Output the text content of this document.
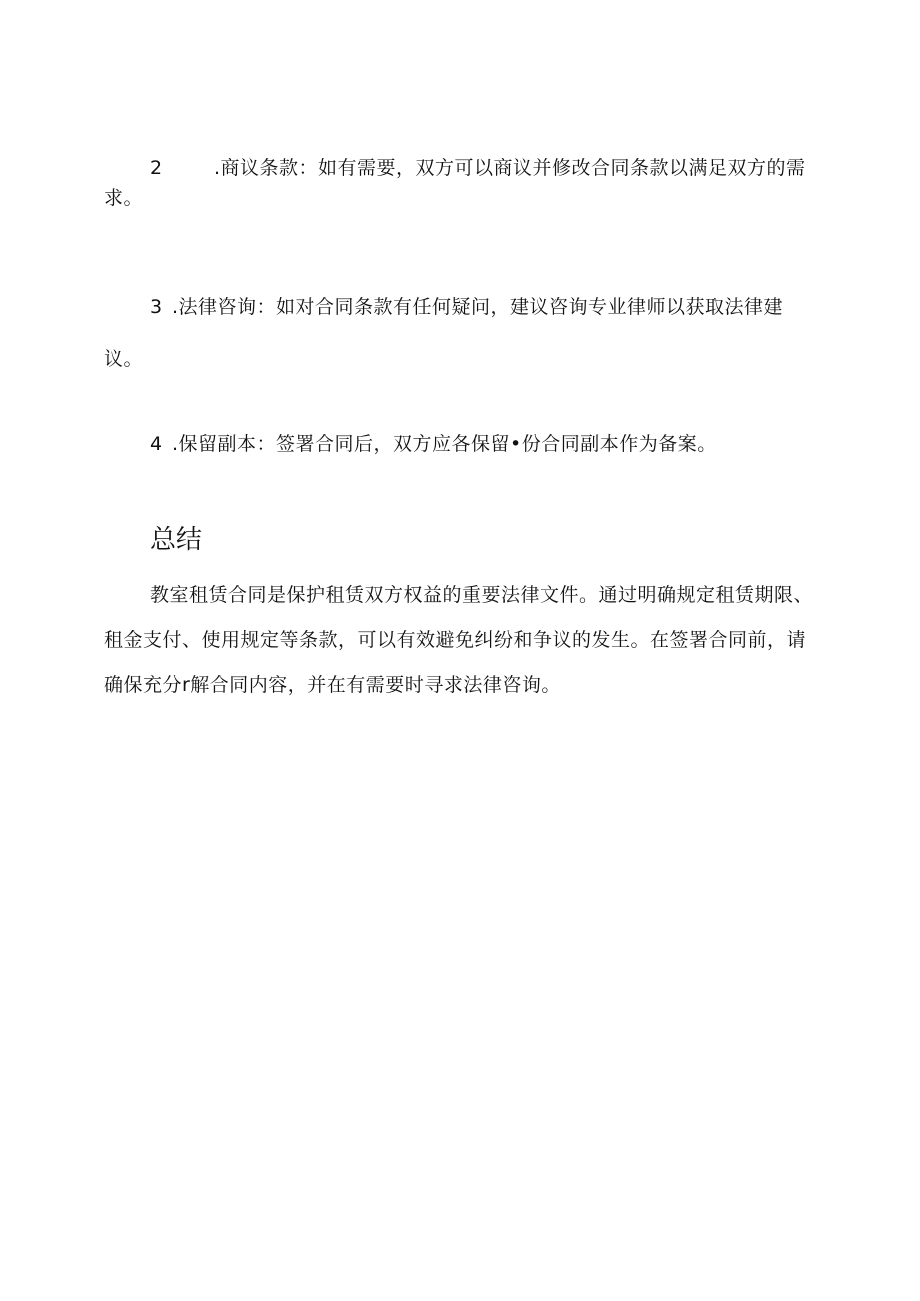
2	.商议条款：如有需要，双方可以商议并修改合同条款以满足双方的需求。

3 .法律咨询：如对合同条款有任何疑问，建议咨询专业律师以获取法律建议。

4 .保留副本：签署合同后，双方应各保留•份合同副本作为备案。

总结

教室租赁合同是保护租赁双方权益的重要法律文件。通过明确规定租赁期限、租金支付、使用规定等条款，可以有效避免纠纷和争议的发生。在签署合同前，请确保充分r解合同内容，并在有需要时寻求法律咨询。
